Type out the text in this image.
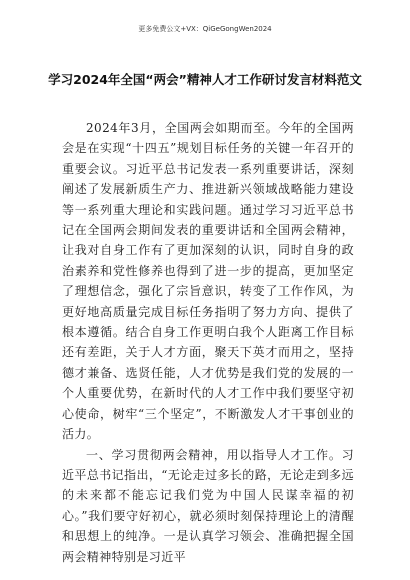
更多免费公文+VX：QiGeGongWen2024
学习2024年全国“两会”精神人才工作研讨发言材料范文

2024年3月，全国两会如期而至。今年的全国两会是在实现“十四五”规划目标任务的关键一年召开的重要会议。习近平总书记发表一系列重要讲话，深刻阐述了发展新质生产力、推进新兴领域战略能力建设等一系列重大理论和实践问题。通过学习习近平总书记在全国两会期间发表的重要讲话和全国两会精神，让我对自身工作有了更加深刻的认识，同时自身的政治素养和党性修养也得到了进一步的提高，更加坚定了理想信念，强化了宗旨意识，转变了工作作风，为更好地高质量完成目标任务指明了努力方向、提供了根本遵循。结合自身工作更明白我个人距离工作目标还有差距，关于人才方面，聚天下英才而用之，坚持德才兼备、选贤任能，人才优势是我们党的发展的一个人重要优势，在新时代的人才工作中我们要坚守初心使命，树牢“三个坚定”，不断激发人才干事创业的活力。

一、学习贯彻两会精神，用以指导人才工作。习近平总书记指出，“无论走过多长的路，无论走到多远的未来都不能忘记我们党为中国人民谋幸福的初心。”我们要守好初心，就必须时刻保持理论上的清醒和思想上的纯净。一是认真学习领会、准确把握全国两会精神特别是习近平
